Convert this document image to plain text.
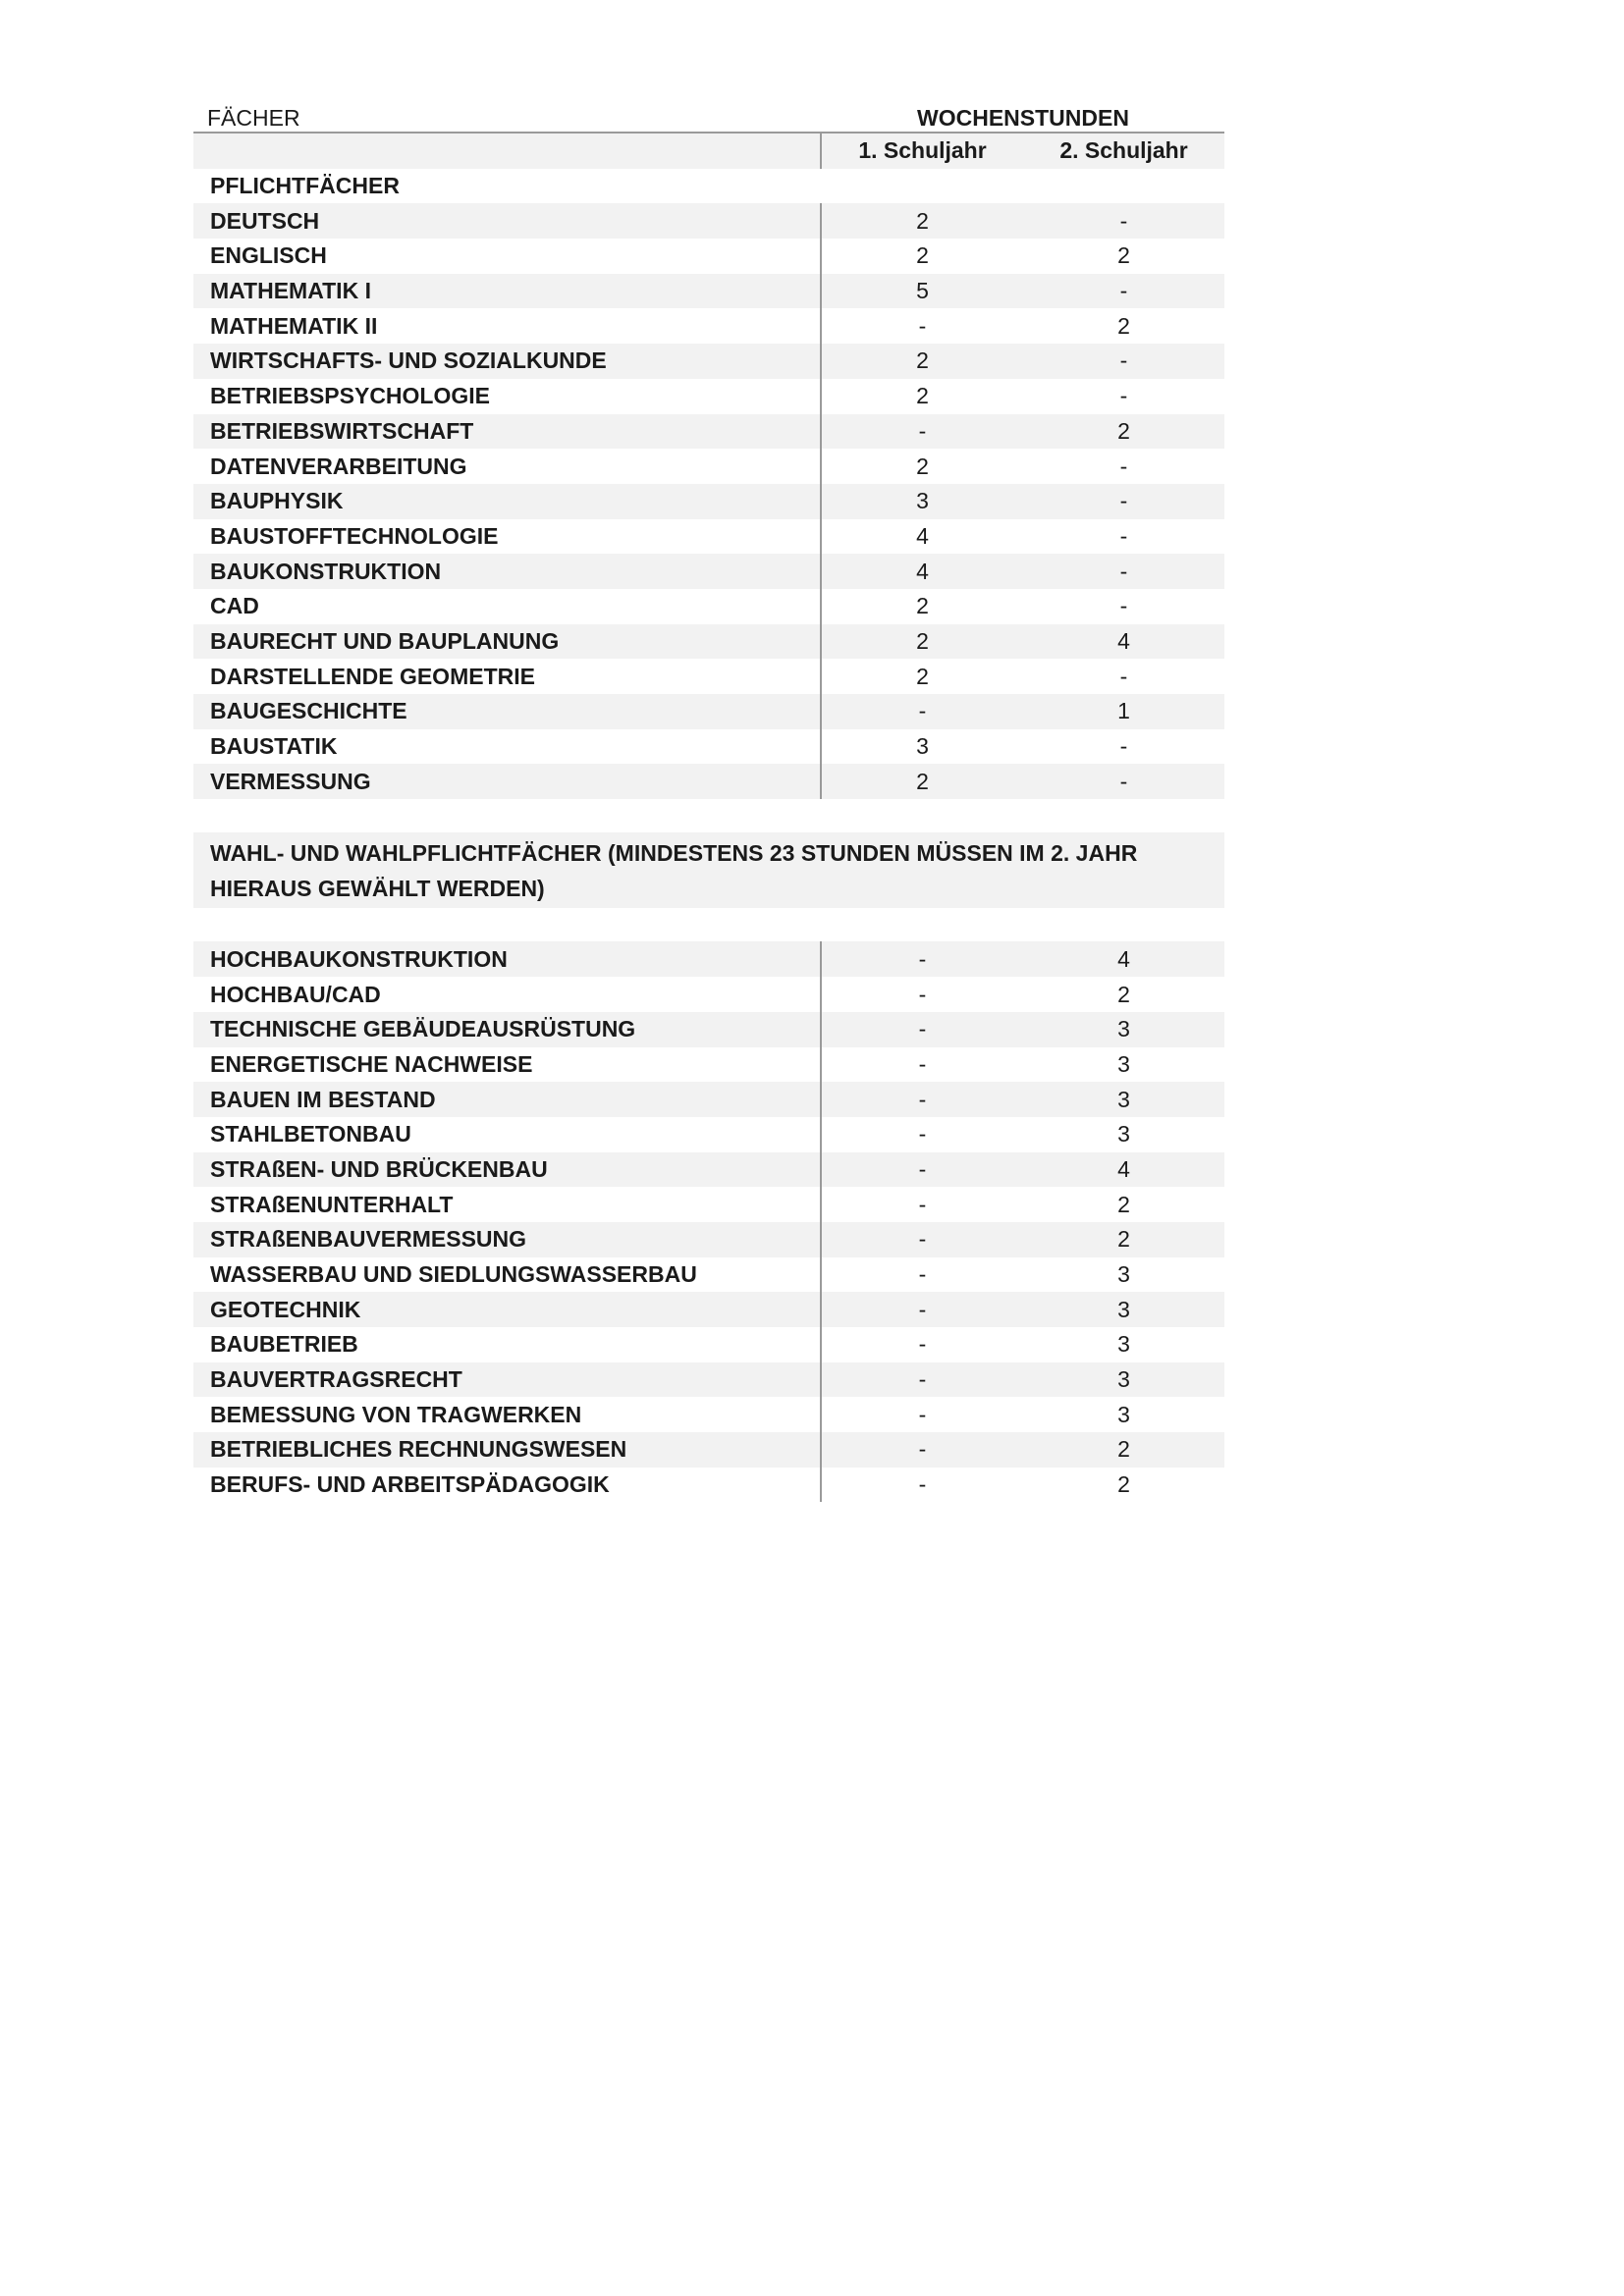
FÄCHER	WOCHENSTUNDEN
1. Schuljahr	2. Schuljahr
PFLICHTFÄCHER
DEUTSCH	2	-
ENGLISCH	2	2
MATHEMATIK I	5	-
MATHEMATIK II	-	2
WIRTSCHAFTS- UND SOZIALKUNDE	2	-
BETRIEBSPSYCHOLOGIE	2	-
BETRIEBSWIRTSCHAFT	-	2
DATENVERARBEITUNG	2	-
BAUPHYSIK	3	-
BAUSTOFFTECHNOLOGIE	4	-
BAUKONSTRUKTION	4	-
CAD	2	-
BAURECHT UND BAUPLANUNG	2	4
DARSTELLENDE GEOMETRIE	2	-
BAUGESCHICHTE	-	1
BAUSTATIK	3	-
VERMESSUNG	2	-
WAHL- UND WAHLPFLICHTFÄCHER (MINDESTENS 23 STUNDEN MÜSSEN IM 2. JAHR
HIERAUS GEWÄHLT WERDEN)
HOCHBAUKONSTRUKTION	-	4
HOCHBAU/CAD	-	2
TECHNISCHE GEBÄUDEAUSRÜSTUNG	-	3
ENERGETISCHE NACHWEISE	-	3
BAUEN IM BESTAND	-	3
STAHLBETONBAU	-	3
STRAßEN- UND BRÜCKENBAU	-	4
STRAßENUNTERHALT	-	2
STRAßENBAUVERMESSUNG	-	2
WASSERBAU UND SIEDLUNGSWASSERBAU	-	3
GEOTECHNIK	-	3
BAUBETRIEB	-	3
BAUVERTRAGSRECHT	-	3
BEMESSUNG VON TRAGWERKEN	-	3
BETRIEBLICHES RECHNUNGSWESEN	-	2
BERUFS- UND ARBEITSPÄDAGOGIK	-	2
